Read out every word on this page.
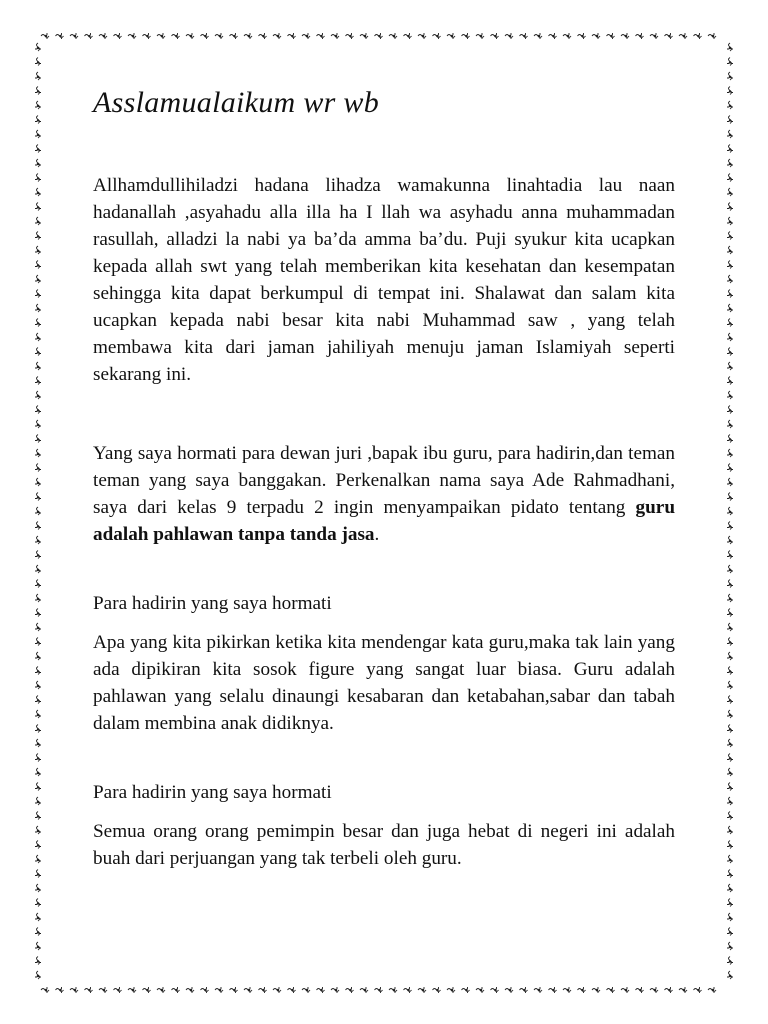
Asslamualaikum wr wb

Allhamdullihiladzi hadana lihadza wamakunna linahtadia lau naan hadanallah ,asyahadu alla illa ha I llah wa asyhadu anna muhammadan rasullah, alladzi la nabi ya ba’da amma ba’du. Puji syukur kita ucapkan kepada allah swt yang telah memberikan kita kesehatan dan kesempatan sehingga kita dapat berkumpul di tempat ini. Shalawat dan salam kita ucapkan kepada nabi besar kita nabi Muhammad saw , yang telah membawa kita dari jaman jahiliyah menuju jaman Islamiyah seperti sekarang ini.

Yang saya hormati para dewan juri ,bapak ibu guru, para hadirin,dan teman teman yang saya banggakan. Perkenalkan nama saya Ade Rahmadhani, saya dari kelas 9 terpadu 2 ingin menyampaikan pidato tentang guru adalah pahlawan tanpa tanda jasa.

Para hadirin yang saya hormati

Apa yang kita pikirkan ketika kita mendengar kata guru,maka tak lain yang ada dipikiran kita sosok figure yang sangat luar biasa. Guru adalah pahlawan yang selalu dinaungi kesabaran dan ketabahan,sabar dan tabah dalam membina anak didiknya.

Para hadirin yang saya hormati

Semua orang orang pemimpin besar dan juga hebat di negeri ini adalah buah dari perjuangan yang tak terbeli oleh guru.
